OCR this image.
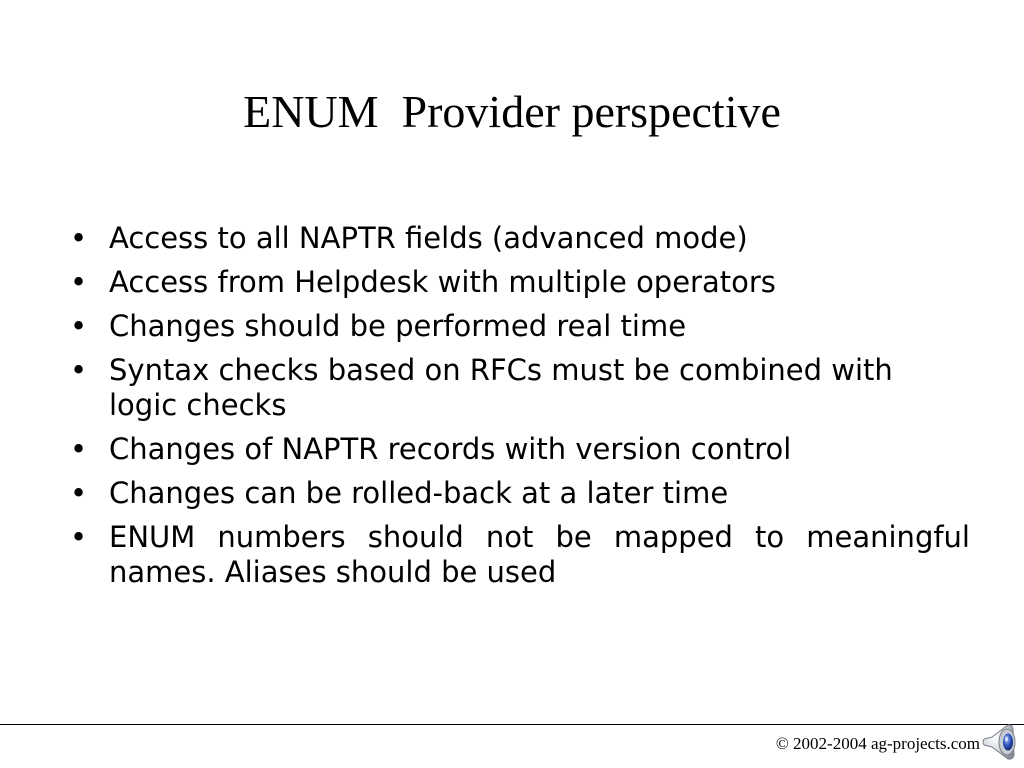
ENUM  Provider perspective
• Access to all NAPTR fields (advanced mode)
• Access from Helpdesk with multiple operators
• Changes should be performed real time
• Syntax checks based on RFCs must be combined with logic checks
• Changes of NAPTR records with version control
• Changes can be rolled-back at a later time
• ENUM numbers should not be mapped to meaningful names. Aliases should be used
© 2002-2004 ag-projects.com
